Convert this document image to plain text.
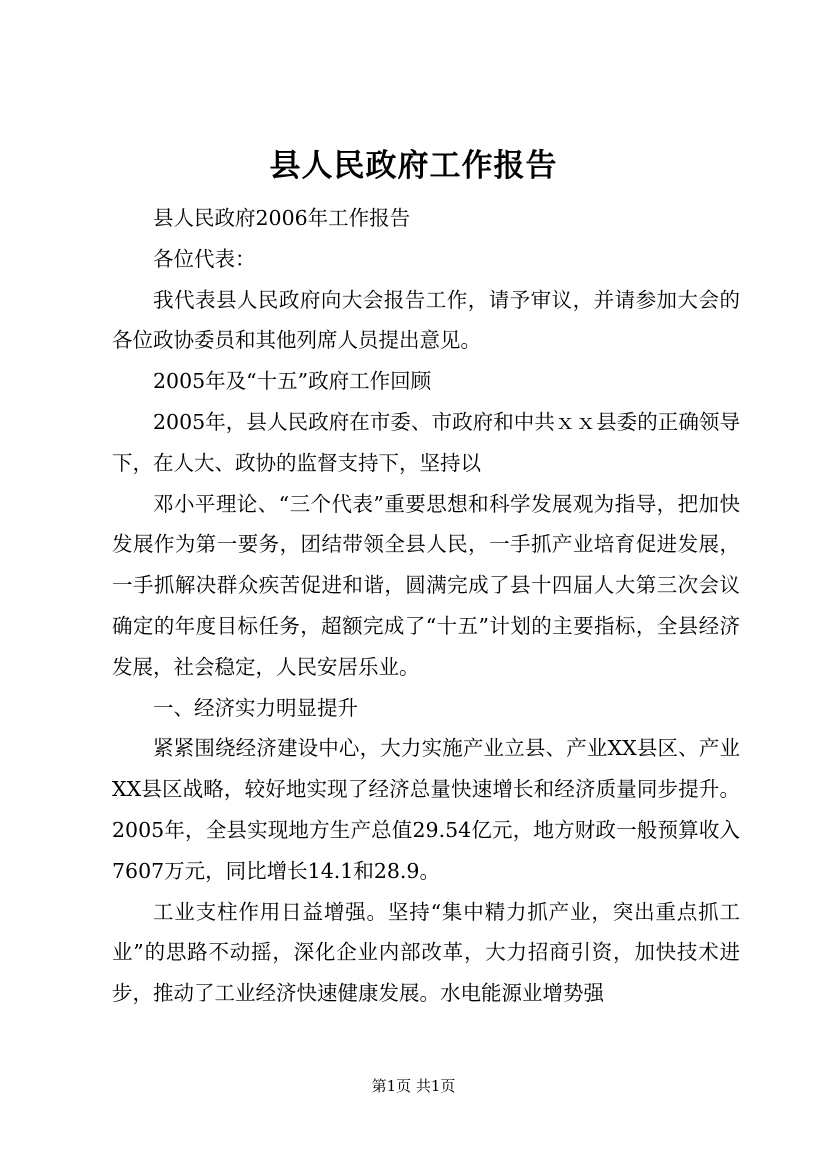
县人民政府工作报告

县人民政府2006年工作报告

各位代表：

我代表县人民政府向大会报告工作，请予审议，并请参加大会的各位政协委员和其他列席人员提出意见。

2005年及“十五”政府工作回顾

2005年，县人民政府在市委、市政府和中共ｘｘ县委的正确领导下，在人大、政协的监督支持下，坚持以

邓小平理论、“三个代表”重要思想和科学发展观为指导，把加快发展作为第一要务，团结带领全县人民，一手抓产业培育促进发展，一手抓解决群众疾苦促进和谐，圆满完成了县十四届人大第三次会议确定的年度目标任务，超额完成了“十五”计划的主要指标，全县经济发展，社会稳定，人民安居乐业。

一、经济实力明显提升

紧紧围绕经济建设中心，大力实施产业立县、产业XX县区、产业XX县区战略，较好地实现了经济总量快速增长和经济质量同步提升。2005年，全县实现地方生产总值29.54亿元，地方财政一般预算收入7607万元，同比增长14.1和28.9。

工业支柱作用日益增强。坚持“集中精力抓产业，突出重点抓工业”的思路不动摇，深化企业内部改革，大力招商引资，加快技术进步，推动了工业经济快速健康发展。水电能源业增势强

第1页 共1页
